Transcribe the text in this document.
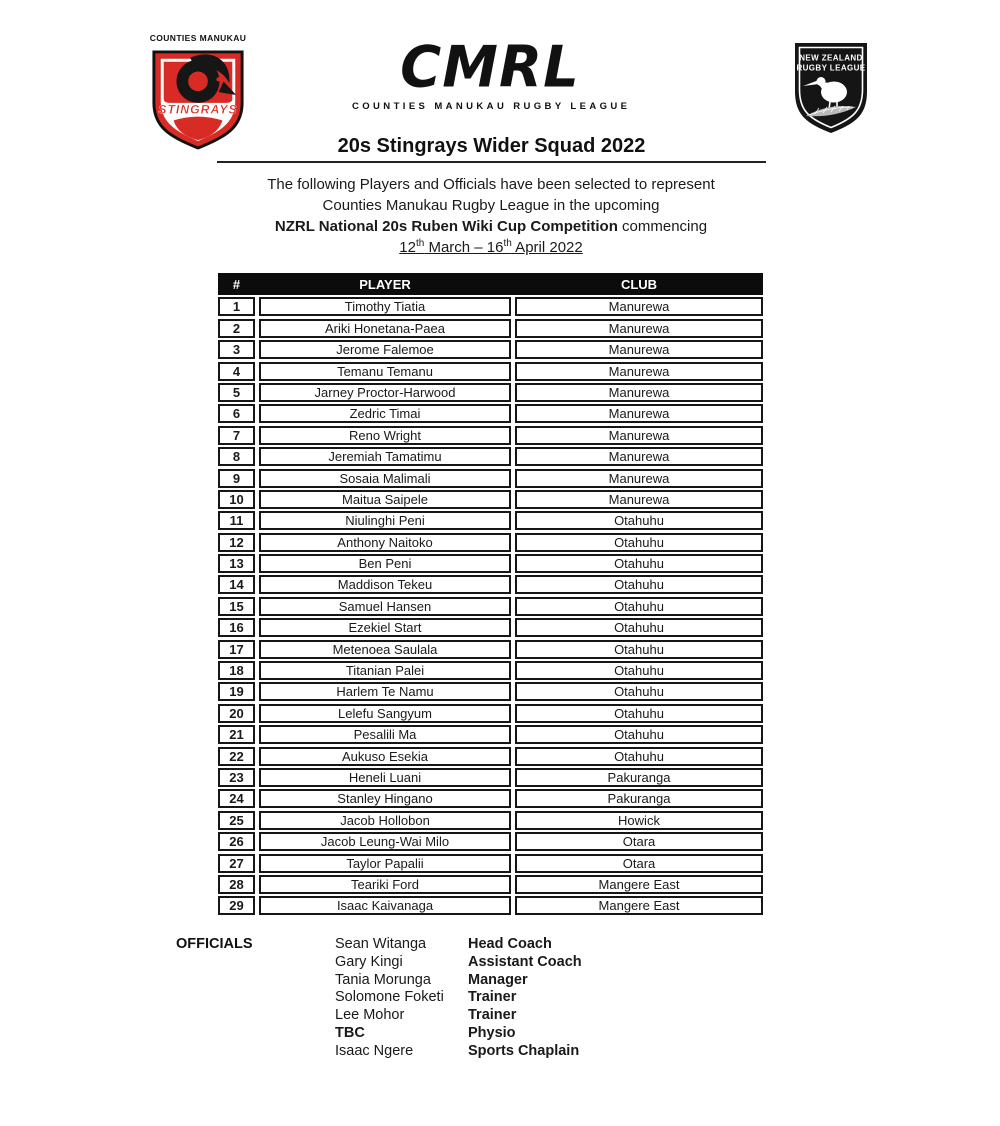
COUNTIES MANUKAU
STINGRAYS
CMRL
COUNTIES MANUKAU RUGBY LEAGUE
NEW ZEALAND
RUGBY LEAGUE
20s Stingrays Wider Squad 2022
The following Players and Officials have been selected to represent
Counties Manukau Rugby League in the upcoming
NZRL National 20s Ruben Wiki Cup Competition commencing
12th March – 16th April 2022
#	PLAYER	CLUB
1	Timothy Tiatia	Manurewa
2	Ariki Honetana-Paea	Manurewa
3	Jerome Falemoe	Manurewa
4	Temanu Temanu	Manurewa
5	Jarney Proctor-Harwood	Manurewa
6	Zedric Timai	Manurewa
7	Reno Wright	Manurewa
8	Jeremiah Tamatimu	Manurewa
9	Sosaia Malimali	Manurewa
10	Maitua Saipele	Manurewa
11	Niulinghi Peni	Otahuhu
12	Anthony Naitoko	Otahuhu
13	Ben Peni	Otahuhu
14	Maddison Tekeu	Otahuhu
15	Samuel Hansen	Otahuhu
16	Ezekiel Start	Otahuhu
17	Metenoea Saulala	Otahuhu
18	Titanian Palei	Otahuhu
19	Harlem Te Namu	Otahuhu
20	Lelefu Sangyum	Otahuhu
21	Pesalili Ma	Otahuhu
22	Aukuso Esekia	Otahuhu
23	Heneli Luani	Pakuranga
24	Stanley Hingano	Pakuranga
25	Jacob Hollobon	Howick
26	Jacob Leung-Wai Milo	Otara
27	Taylor Papalii	Otara
28	Teariki Ford	Mangere East
29	Isaac Kaivanaga	Mangere East
OFFICIALS	Sean Witanga	Head Coach
Gary Kingi	Assistant Coach
Tania Morunga	Manager
Solomone Foketi	Trainer
Lee Mohor	Trainer
TBC	Physio
Isaac Ngere	Sports Chaplain
